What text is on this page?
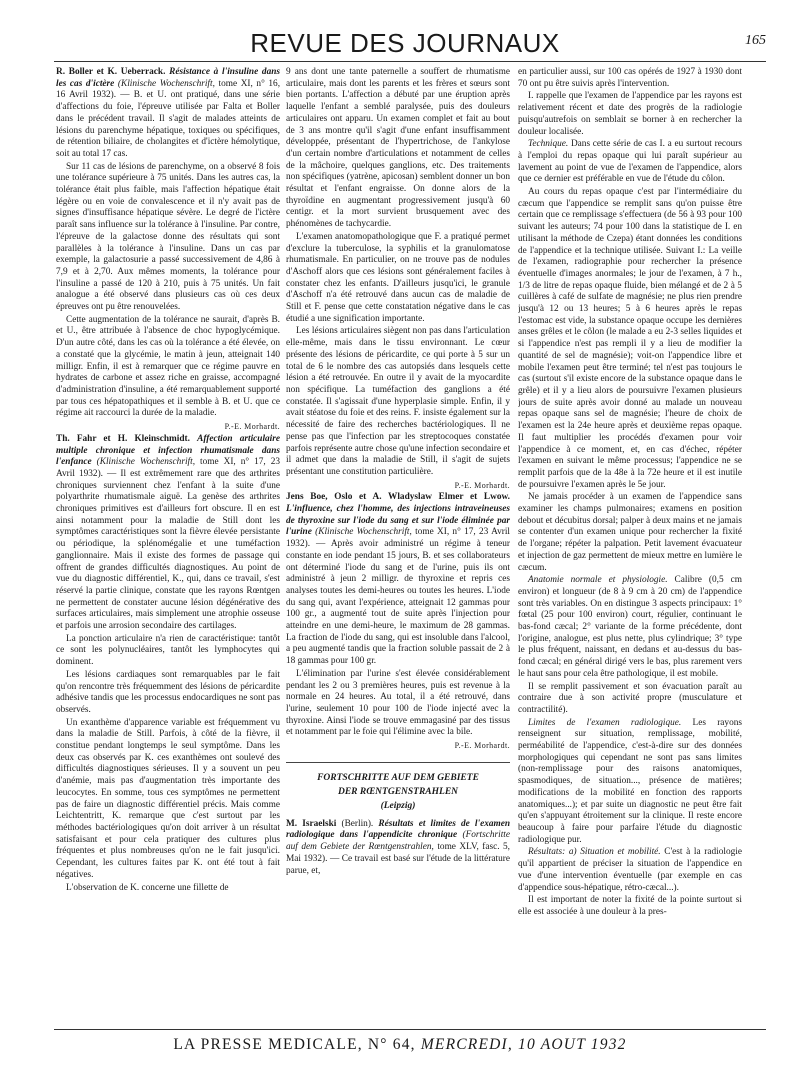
REVUE DES JOURNAUX	165

R. Boller et K. Ueberrack. Résistance à l'insuline dans les cas d'ictère (Klinische Wochenschrift, tome XI, n° 16, 16 Avril 1932). — B. et U. ont pratiqué, dans une série d'affections du foie, l'épreuve utilisée par Falta et Boller dans le précédent travail. Il s'agit de malades atteints de lésions du parenchyme hépatique, toxiques ou spécifiques, de rétention biliaire, de cholangites et d'ictère hémolytique, soit au total 17 cas.

Sur 11 cas de lésions de parenchyme, on a observé 8 fois une tolérance supérieure à 75 unités. Dans les autres cas, la tolérance était plus faible, mais l'affection hépatique était légère ou en voie de convalescence et il n'y avait pas de signes d'insuffisance hépatique sévère. Le degré de l'ictère paraît sans influence sur la tolérance à l'insuline. Par contre, l'épreuve de la galactose donne des résultats qui sont parallèles à la tolérance à l'insuline. Dans un cas par exemple, la galactosurie a passé successivement de 4,86 à 7,9 et à 2,70. Aux mêmes moments, la tolérance pour l'insuline a passé de 120 à 210, puis à 75 unités. Un fait analogue a été observé dans plusieurs cas où ces deux épreuves ont pu être renouvelées.

Cette augmentation de la tolérance ne saurait, d'après B. et U., être attribuée à l'absence de choc hypoglycémique. D'un autre côté, dans les cas où la tolérance a été élevée, on a constaté que la glycémie, le matin à jeun, atteignait 140 milligr. Enfin, il est à remarquer que ce régime pauvre en hydrates de carbone et assez riche en graisse, accompagné d'administration d'insuline, a été remarquablement supporté par tous ces hépatopathiques et il semble à B. et U. que ce régime ait raccourci la durée de la maladie.

P.-E. Morhardt.

Th. Fahr et H. Kleinschmidt. Affection articulaire multiple chronique et infection rhumatismale dans l'enfance (Klinische Wochenschrift, tome XI, n° 17, 23 Avril 1932). — Il est extrêmement rare que des arthrites chroniques surviennent chez l'enfant à la suite d'une polyarthrite rhumatismale aiguë. La genèse des arthrites chroniques primitives est d'ailleurs fort obscure. Il en est ainsi notamment pour la maladie de Still dont les symptômes caractéristiques sont la fièvre élevée persistante ou périodique, la splénomégalie et une tuméfaction ganglionnaire. Mais il existe des formes de passage qui offrent de grandes difficultés diagnostiques. Au point de vue du diagnostic différentiel, K., qui, dans ce travail, s'est réservé la partie clinique, constate que les rayons Rœntgen ne permettent de constater aucune lésion dégénérative des surfaces articulaires, mais simplement une atrophie osseuse et parfois une arrosion secondaire des cartilages.

La ponction articulaire n'a rien de caractéristique: tantôt ce sont les polynucléaires, tantôt les lymphocytes qui dominent.

Les lésions cardiaques sont remarquables par le fait qu'on rencontre très fréquemment des lésions de péricardite adhésive tandis que les processus endocardiques ne sont pas observés.

Un exanthème d'apparence variable est fréquemment vu dans la maladie de Still. Parfois, à côté de la fièvre, il constitue pendant longtemps le seul symptôme. Dans les deux cas observés par K. ces exanthèmes ont soulevé des difficultés diagnostiques sérieuses. Il y a souvent un peu d'anémie, mais pas d'augmentation très importante des leucocytes. En somme, tous ces symptômes ne permettent pas de faire un diagnostic différentiel précis. Mais comme Leichtentritt, K. remarque que c'est surtout par les méthodes bactériologiques qu'on doit arriver à un résultat satisfaisant et pour cela pratiquer des cultures plus fréquentes et plus nombreuses qu'on ne le fait jusqu'ici. Cependant, les cultures faites par K. ont été tout à fait négatives.

L'observation de K. concerne une fillette de

9 ans dont une tante paternelle a souffert de rhumatisme articulaire, mais dont les parents et les frères et sœurs sont bien portants. L'affection a débuté par une éruption après laquelle l'enfant a semblé paralysée, puis des douleurs articulaires ont apparu. Un examen complet et fait au bout de 3 ans montre qu'il s'agit d'une enfant insuffisamment développée, présentant de l'hypertrichose, de l'ankylose d'un certain nombre d'articulations et notamment de celles de la mâchoire, quelques ganglions, etc. Des traitements non spécifiques (yatrène, apicosan) semblent donner un bon résultat et l'enfant engraisse. On donne alors de la thyroïdine en augmentant progressivement jusqu'à 60 centigr. et la mort survient brusquement avec des phénomènes de tachycardie.

L'examen anatomopathologique que F. a pratiqué permet d'exclure la tuberculose, la syphilis et la granulomatose rhumatismale. En particulier, on ne trouve pas de nodules d'Aschoff alors que ces lésions sont généralement faciles à constater chez les enfants. D'ailleurs jusqu'ici, le granule d'Aschoff n'a été retrouvé dans aucun cas de maladie de Still et F. pense que cette constatation négative dans le cas étudié a une signification importante.

Les lésions articulaires siègent non pas dans l'articulation elle-même, mais dans le tissu environnant. Le cœur présente des lésions de péricardite, ce qui porte à 5 sur un total de 6 le nombre des cas autopsiés dans lesquels cette lésion a été retrouvée. En outre il y avait de la myocardite non spécifique. La tuméfaction des ganglions a été constatée. Il s'agissait d'une hyperplasie simple. Enfin, il y avait stéatose du foie et des reins. F. insiste également sur la nécessité de faire des recherches bactériologiques. Il ne pense pas que l'infection par les streptocoques constatée parfois représente autre chose qu'une infection secondaire et il admet que dans la maladie de Still, il s'agit de sujets présentant une constitution particulière.

P.-E. Morhardt.

Jens Boe, Oslo et A. Wladyslaw Elmer et Lwow. L'influence, chez l'homme, des injections intraveineuses de thyroxine sur l'iode du sang et sur l'iode éliminée par l'urine (Klinische Wochenschrift, tome XI, n° 17, 23 Avril 1932). — Après avoir administré un régime à teneur constante en iode pendant 15 jours, B. et ses collaborateurs ont déterminé l'iode du sang et de l'urine, puis ils ont administré à jeun 2 milligr. de thyroxine et repris ces analyses toutes les demi-heures ou toutes les heures. L'iode du sang qui, avant l'expérience, atteignait 12 gammas pour 100 gr., a augmenté tout de suite après l'injection pour atteindre en une demi-heure, le maximum de 28 gammas. La fraction de l'iode du sang, qui est insoluble dans l'alcool, a peu augmenté tandis que la fraction soluble passait de 2 à 18 gammas pour 100 gr.

L'élimination par l'urine s'est élevée considérablement pendant les 2 ou 3 premières heures, puis est revenue à la normale en 24 heures. Au total, il a été retrouvé, dans l'urine, seulement 10 pour 100 de l'iode injecté avec la thyroxine. Ainsi l'iode se trouve emmagasiné par des tissus et notamment par le foie qui l'élimine avec la bile.

P.-E. Morhardt.

FORTSCHRITTE AUF DEM GEBIETE
DER RŒNTGENSTRAHLEN
(Leipzig)

M. Israelski (Berlin). Résultats et limites de l'examen radiologique dans l'appendicite chronique (Fortschritte auf dem Gebiete der Rœntgenstrahlen, tome XLV, fasc. 5, Mai 1932). — Ce travail est basé sur l'étude de la littérature parue, et,

en particulier aussi, sur 100 cas opérés de 1927 à 1930 dont 70 ont pu être suivis après l'intervention.

I. rappelle que l'examen de l'appendice par les rayons est relativement récent et date des progrès de la radiologie puisqu'autrefois on semblait se borner à en rechercher la douleur localisée.

Technique. Dans cette série de cas I. a eu surtout recours à l'emploi du repas opaque qui lui paraît supérieur au lavement au point de vue de l'examen de l'appendice, alors que ce dernier est préférable en vue de l'étude du côlon.

Au cours du repas opaque c'est par l'intermédiaire du cæcum que l'appendice se remplit sans qu'on puisse être certain que ce remplissage s'effectuera (de 56 à 93 pour 100 suivant les auteurs; 74 pour 100 dans la statistique de I. en utilisant la méthode de Czepa) étant données les conditions de l'appendice et la technique utilisée. Suivant I.: La veille de l'examen, radiographie pour rechercher la présence éventuelle d'images anormales; le jour de l'examen, à 7 h., 1/3 de litre de repas opaque fluide, bien mélangé et de 2 à 5 cuillères à café de sulfate de magnésie; ne plus rien prendre jusqu'à 12 ou 13 heures; 5 à 6 heures après le repas l'estomac est vide, la substance opaque occupe les dernières anses grêles et le côlon (le malade a eu 2-3 selles liquides et si l'appendice n'est pas rempli il y a lieu de modifier la quantité de sel de magnésie); voit-on l'appendice libre et mobile l'examen peut être terminé; tel n'est pas toujours le cas (surtout s'il existe encore de la substance opaque dans le grêle) et il y a lieu alors de poursuivre l'examen plusieurs jours de suite après avoir donné au malade un nouveau repas opaque sans sel de magnésie; l'heure de choix de l'examen est la 24e heure après et deuxième repas opaque. Il faut multiplier les procédés d'examen pour voir l'appendice à ce moment, et, en cas d'échec, répéter l'examen en suivant le même processus; l'appendice ne se remplit parfois que de la 48e à la 72e heure et il est inutile de poursuivre l'examen après le 5e jour.

Ne jamais procéder à un examen de l'appendice sans examiner les champs pulmonaires; examens en position debout et décubitus dorsal; palper à deux mains et ne jamais se contenter d'un examen unique pour rechercher la fixité de l'organe; répéter la palpation. Petit lavement évacuateur et injection de gaz permettent de mieux mettre en lumière le cæcum.

Anatomie normale et physiologie. Calibre (0,5 cm environ) et longueur (de 8 à 9 cm à 20 cm) de l'appendice sont très variables. On en distingue 3 aspects principaux: 1° fœtal (25 pour 100 environ) court, régulier, continuant le bas-fond cæcal; 2° variante de la forme précédente, dont l'origine, analogue, est plus nette, plus cylindrique; 3° type le plus fréquent, naissant, en dedans et au-dessus du bas-fond cæcal; en général dirigé vers le bas, plus rarement vers le haut sans pour cela être pathologique, il est mobile.

Il se remplit passivement et son évacuation paraît au contraire due à son activité propre (musculature et contractilité).

Limites de l'examen radiologique. Les rayons renseignent sur situation, remplissage, mobilité, perméabilité de l'appendice, c'est-à-dire sur des données morphologiques qui cependant ne sont pas sans limites (non-remplissage pour des raisons anatomiques, spasmodiques, de situation..., présence de matières; modifications de la mobilité en fonction des rapports anatomiques...); et par suite un diagnostic ne peut être fait qu'en s'appuyant étroitement sur la clinique. Il reste encore beaucoup à faire pour parfaire l'étude du diagnostic radiologique pur.

Résultats: a) Situation et mobilité. C'est à la radiologie qu'il appartient de préciser la situation de l'appendice en vue d'une intervention éventuelle (par exemple en cas d'appendice sous-hépatique, rétro-cæcal...).

Il est important de noter la fixité de la pointe surtout si elle est associée à une douleur à la pres-

LA PRESSE MEDICALE, N° 64, MERCREDI, 10 AOUT 1932
